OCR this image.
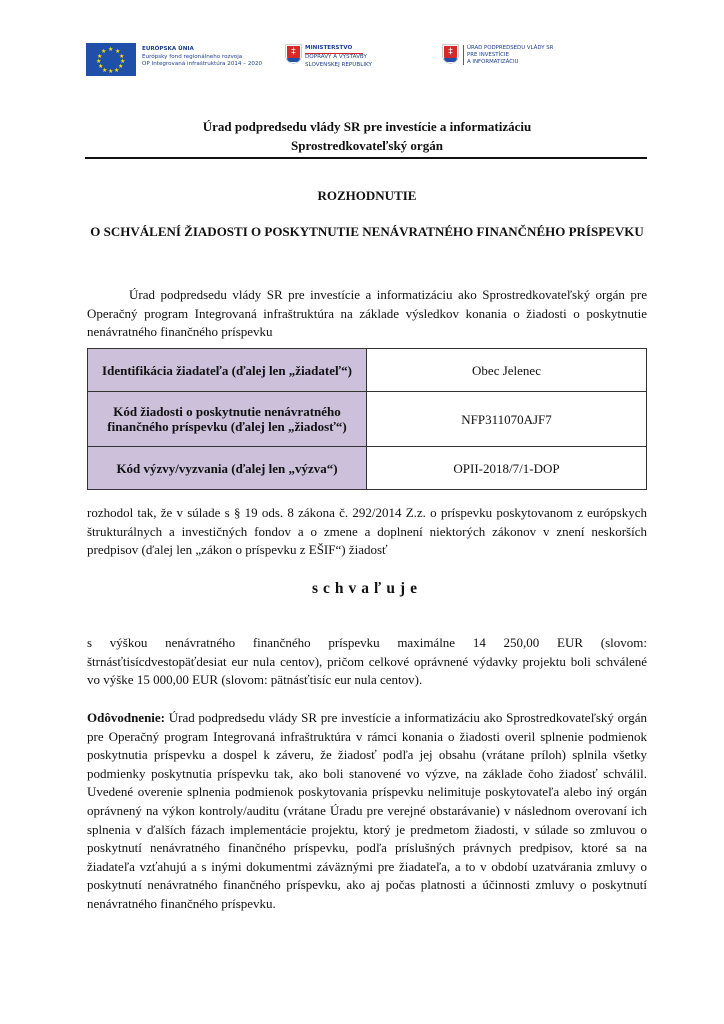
★ ★
★
★
★
★
★
★
★
★
★
★	EURÓPSKA ÚNIA
Európsky fond regionálneho rozvoja
OP Integrovaná infraštruktúra 2014 – 2020
‡ MINISTERSTVO
DOPRAVY A VÝSTAVBY
SLOVENSKEJ REPUBLIKY
‡	ÚRAD PODPREDSEDU VLÁDY SR
PRE INVESTÍCIE
A INFORMATIZÁCIU
Úrad podpredsedu vlády SR pre investície a informatizáciu
Sprostredkovateľský orgán
ROZHODNUTIE
O SCHVÁLENÍ ŽIADOSTI O POSKYTNUTIE NENÁVRATNÉHO FINANČNÉHO PRÍSPEVKU
Úrad podpredsedu vlády SR pre investície a informatizáciu ako Sprostredkovateľský orgán pre Operačný program Integrovaná infraštruktúra na základe výsledkov konania o žiadosti o poskytnutie nenávratného finančného príspevku
Identifikácia žiadateľa (ďalej len „žiadateľ“)	Obec Jelenec
Kód žiadosti o poskytnutie nenávratného finančného príspevku (ďalej len „žiadosť“)	NFP311070AJF7
Kód výzvy/vyzvania (ďalej len „výzva“)	OPII-2018/7/1-DOP
rozhodol tak, že v súlade s § 19 ods. 8 zákona č. 292/2014 Z.z. o príspevku poskytovanom z európskych štrukturálnych a investičných fondov a o zmene a doplnení niektorých zákonov v znení neskorších predpisov (ďalej len „zákon o príspevku z EŠIF“) žiadosť
schvaľuje
s výškou nenávratného finančného príspevku maximálne 14 250,00 EUR (slovom: štrnásťtisícdvestopäťdesiat eur nula centov), pričom celkové oprávnené výdavky projektu boli schválené vo výške 15 000,00 EUR (slovom: pätnásťtisíc eur nula centov).
Odôvodnenie: Úrad podpredsedu vlády SR pre investície a informatizáciu ako Sprostredkovateľský orgán pre Operačný program Integrovaná infraštruktúra v rámci konania o žiadosti overil splnenie podmienok poskytnutia príspevku a dospel k záveru, že žiadosť podľa jej obsahu (vrátane príloh) splnila všetky podmienky poskytnutia príspevku tak, ako boli stanovené vo výzve, na základe čoho žiadosť schválil. Uvedené overenie splnenia podmienok poskytovania príspevku nelimituje poskytovateľa alebo iný orgán oprávnený na výkon kontroly/auditu (vrátane Úradu pre verejné obstarávanie) v následnom overovaní ich splnenia v ďalších fázach implementácie projektu, ktorý je predmetom žiadosti, v súlade so zmluvou o poskytnutí nenávratného finančného príspevku, podľa príslušných právnych predpisov, ktoré sa na žiadateľa vzťahujú a s inými dokumentmi záväznými pre žiadateľa, a to v období uzatvárania zmluvy o poskytnutí nenávratného finančného príspevku, ako aj počas platnosti a účinnosti zmluvy o poskytnutí nenávratného finančného príspevku.
